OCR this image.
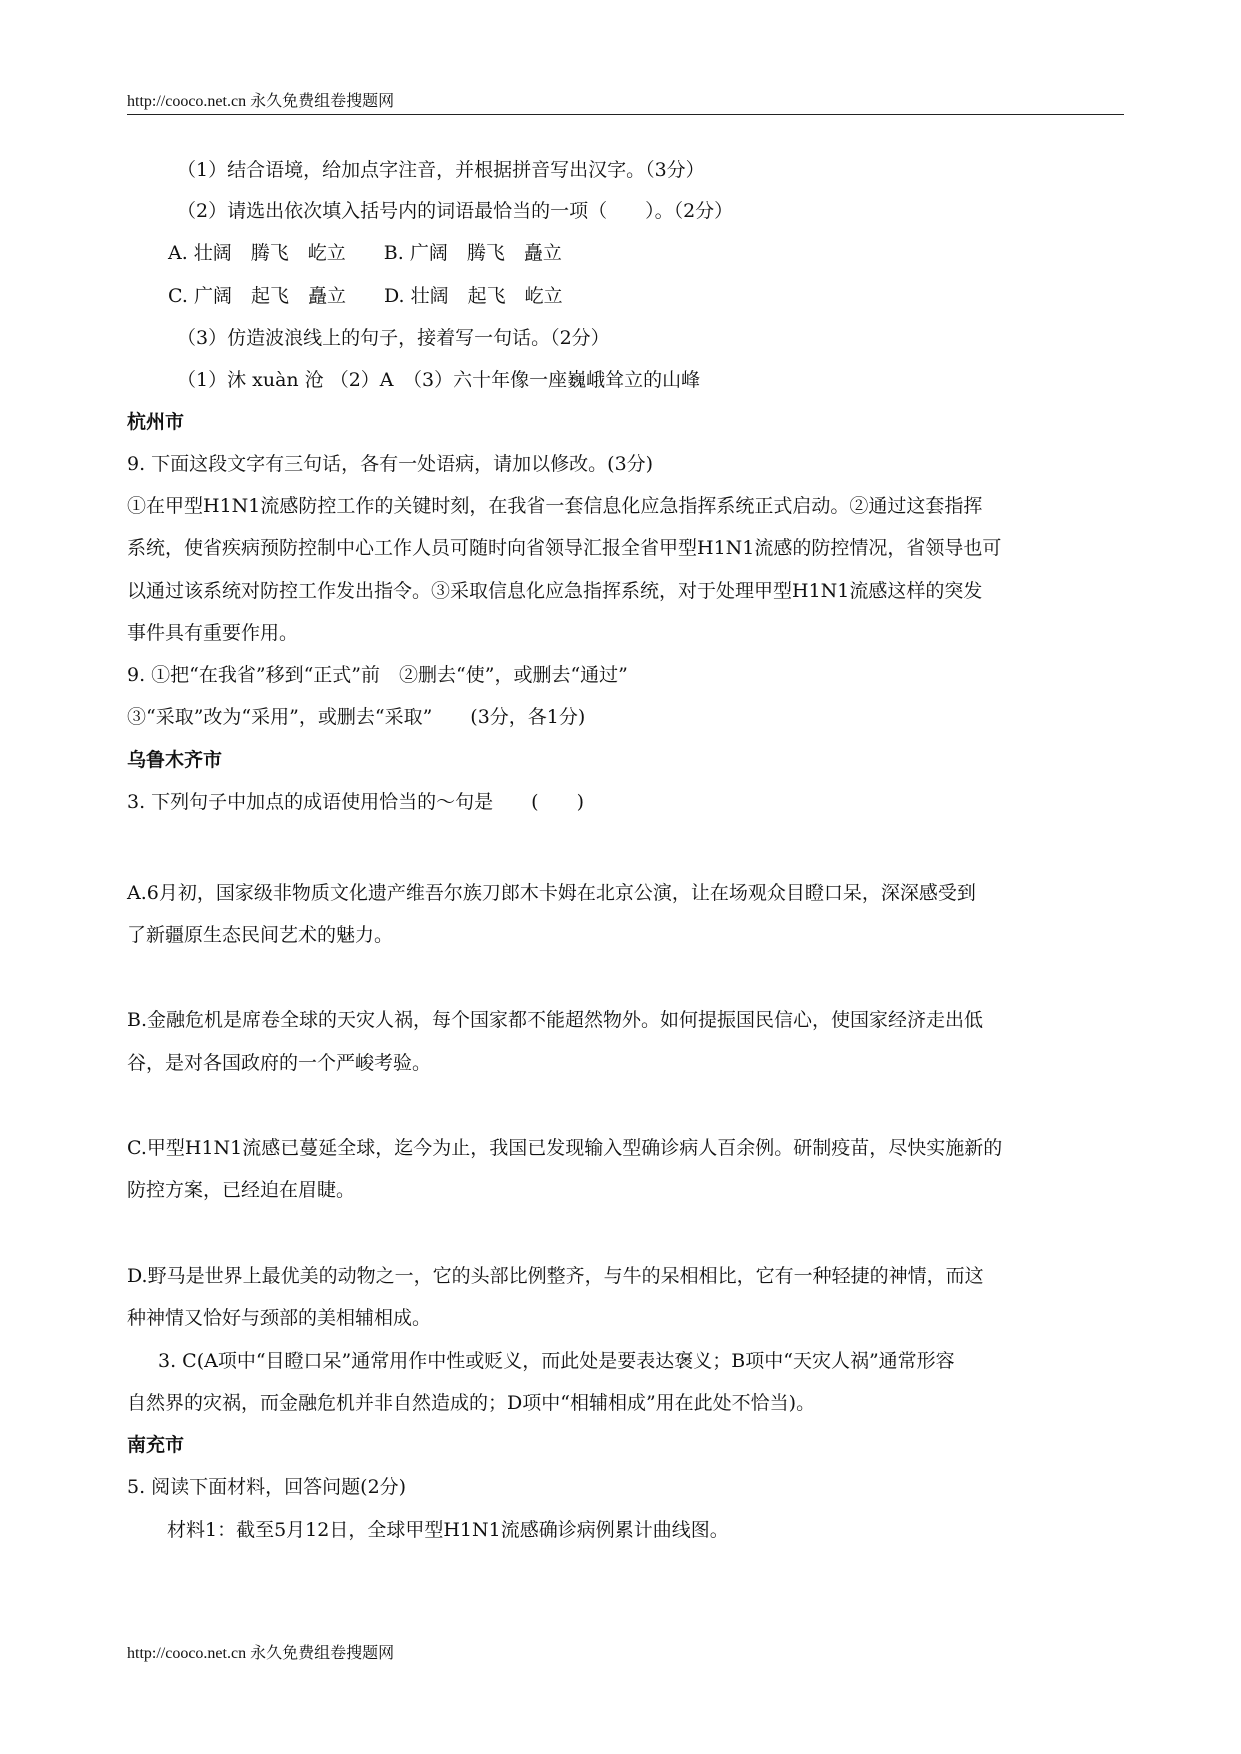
http://cooco.net.cn 永久免费组卷搜题网
（1）结合语境，给加点字注音，并根据拼音写出汉字。（3分）
（2）请选出依次填入括号内的词语最恰当的一项（　　）。（2分）
A. 壮阔　腾飞　屹立　　B. 广阔　腾飞　矗立
C. 广阔　起飞　矗立　　D. 壮阔　起飞　屹立
（3）仿造波浪线上的句子，接着写一句话。（2分）
（1）沐 xuàn 沧 （2）A　（3）六十年像一座巍峨耸立的山峰
杭州市
9. 下面这段文字有三句话，各有一处语病，请加以修改。(3分)
①在甲型H1N1流感防控工作的关键时刻，在我省一套信息化应急指挥系统正式启动。②通过这套指挥
系统，使省疾病预防控制中心工作人员可随时向省领导汇报全省甲型H1N1流感的防控情况，省领导也可
以通过该系统对防控工作发出指令。③采取信息化应急指挥系统，对于处理甲型H1N1流感这样的突发
事件具有重要作用。
9. ①把“在我省”移到“正式”前　②删去“使”，或删去“通过”
③“采取”改为“采用”，或删去“采取”　　(3分，各1分)
乌鲁木齐市
3. 下列句子中加点的成语使用恰当的～句是　　(　　)
A.6月初，国家级非物质文化遗产维吾尔族刀郎木卡姆在北京公演，让在场观众目瞪口呆，深深感受到
了新疆原生态民间艺术的魅力。
B.金融危机是席卷全球的天灾人祸，每个国家都不能超然物外。如何提振国民信心，使国家经济走出低
谷，是对各国政府的一个严峻考验。
C.甲型H1N1流感已蔓延全球，迄今为止，我国已发现输入型确诊病人百余例。研制疫苗，尽快实施新的
防控方案，已经迫在眉睫。
D.野马是世界上最优美的动物之一，它的头部比例整齐，与牛的呆相相比，它有一种轻捷的神情，而这
种神情又恰好与颈部的美相辅相成。
3. C(A项中“目瞪口呆”通常用作中性或贬义，而此处是要表达褒义；B项中“天灾人祸”通常形容
自然界的灾祸，而金融危机并非自然造成的；D项中“相辅相成”用在此处不恰当)。
南充市
5. 阅读下面材料，回答问题(2分)
材料1：截至5月12日，全球甲型H1N1流感确诊病例累计曲线图。
http://cooco.net.cn 永久免费组卷搜题网
